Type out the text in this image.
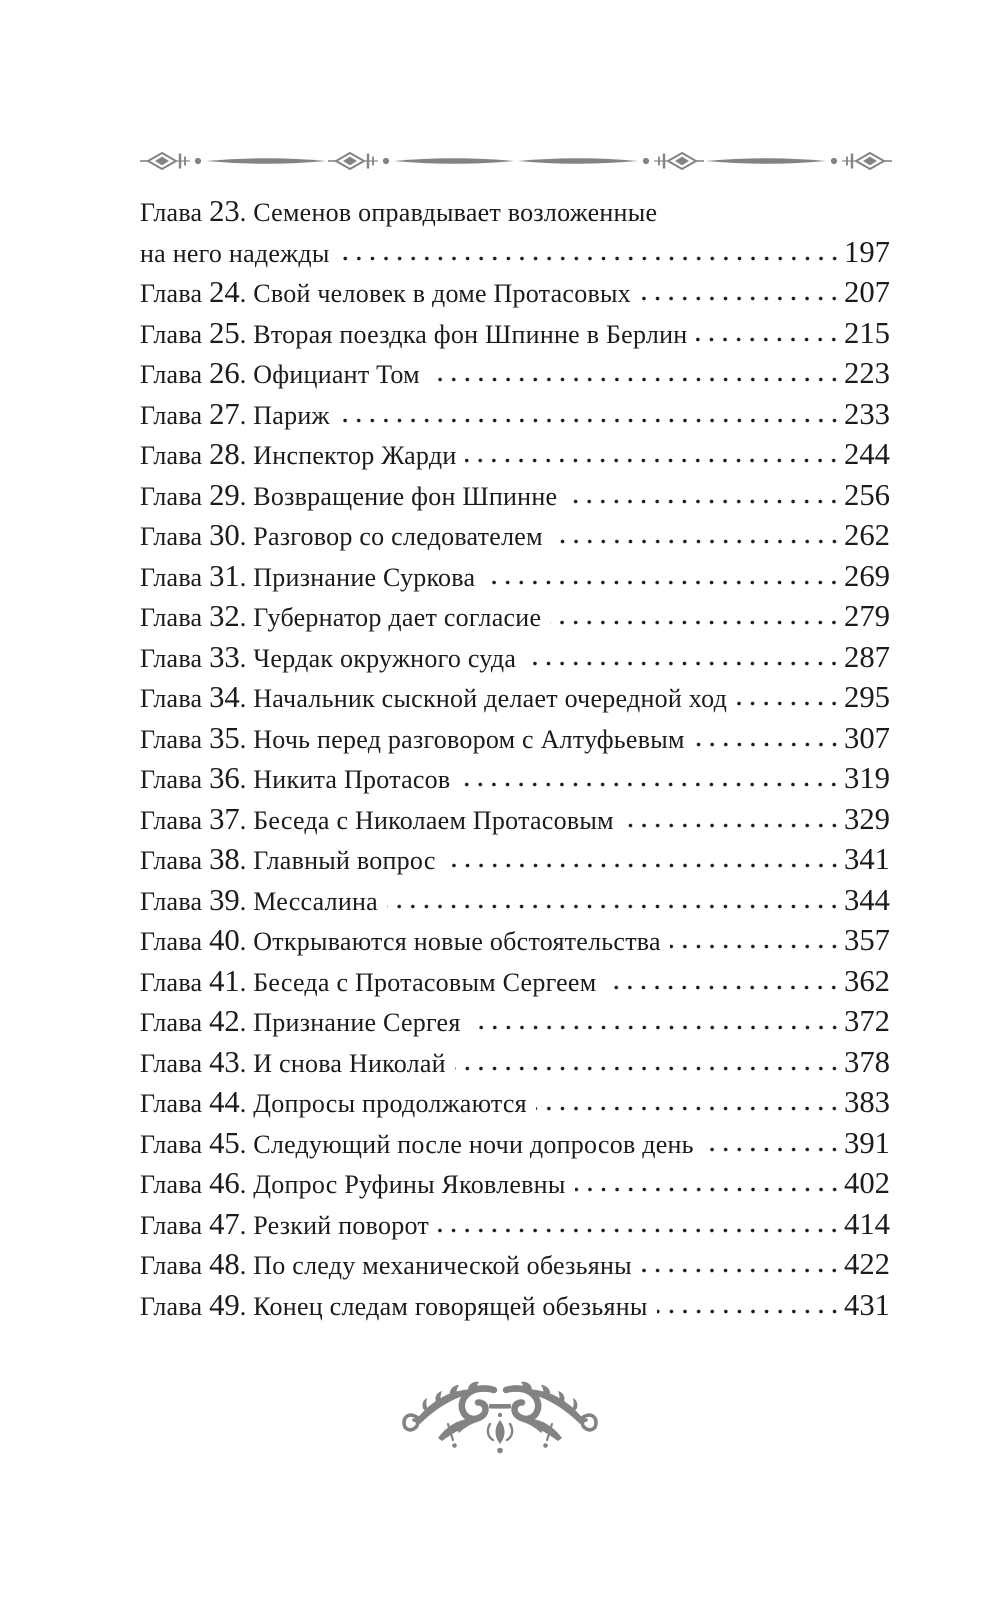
Глава 23. Семенов оправдывает возложенные
на него надежды	197
Глава 24. Свой человек в доме Протасовых	207
Глава 25. Вторая поездка фон Шпинне в Берлин	215
Глава 26. Официант Том	223
Глава 27. Париж	233
Глава 28. Инспектор Жарди	244
Глава 29. Возвращение фон Шпинне	256
Глава 30. Разговор со следователем	262
Глава 31. Признание Суркова	269
Глава 32. Губернатор дает согласие	279
Глава 33. Чердак окружного суда	287
Глава 34. Начальник сыскной делает очередной ход	295
Глава 35. Ночь перед разговором с Алтуфьевым	307
Глава 36. Никита Протасов	319
Глава 37. Беседа с Николаем Протасовым	329
Глава 38. Главный вопрос	341
Глава 39. Мессалина	344
Глава 40. Открываются новые обстоятельства	357
Глава 41. Беседа с Протасовым Сергеем	362
Глава 42. Признание Сергея	372
Глава 43. И снова Николай	378
Глава 44. Допросы продолжаются	383
Глава 45. Следующий после ночи допросов день	391
Глава 46. Допрос Руфины Яковлевны	402
Глава 47. Резкий поворот	414
Глава 48. По следу механической обезьяны	422
Глава 49. Конец следам говорящей обезьяны	431
